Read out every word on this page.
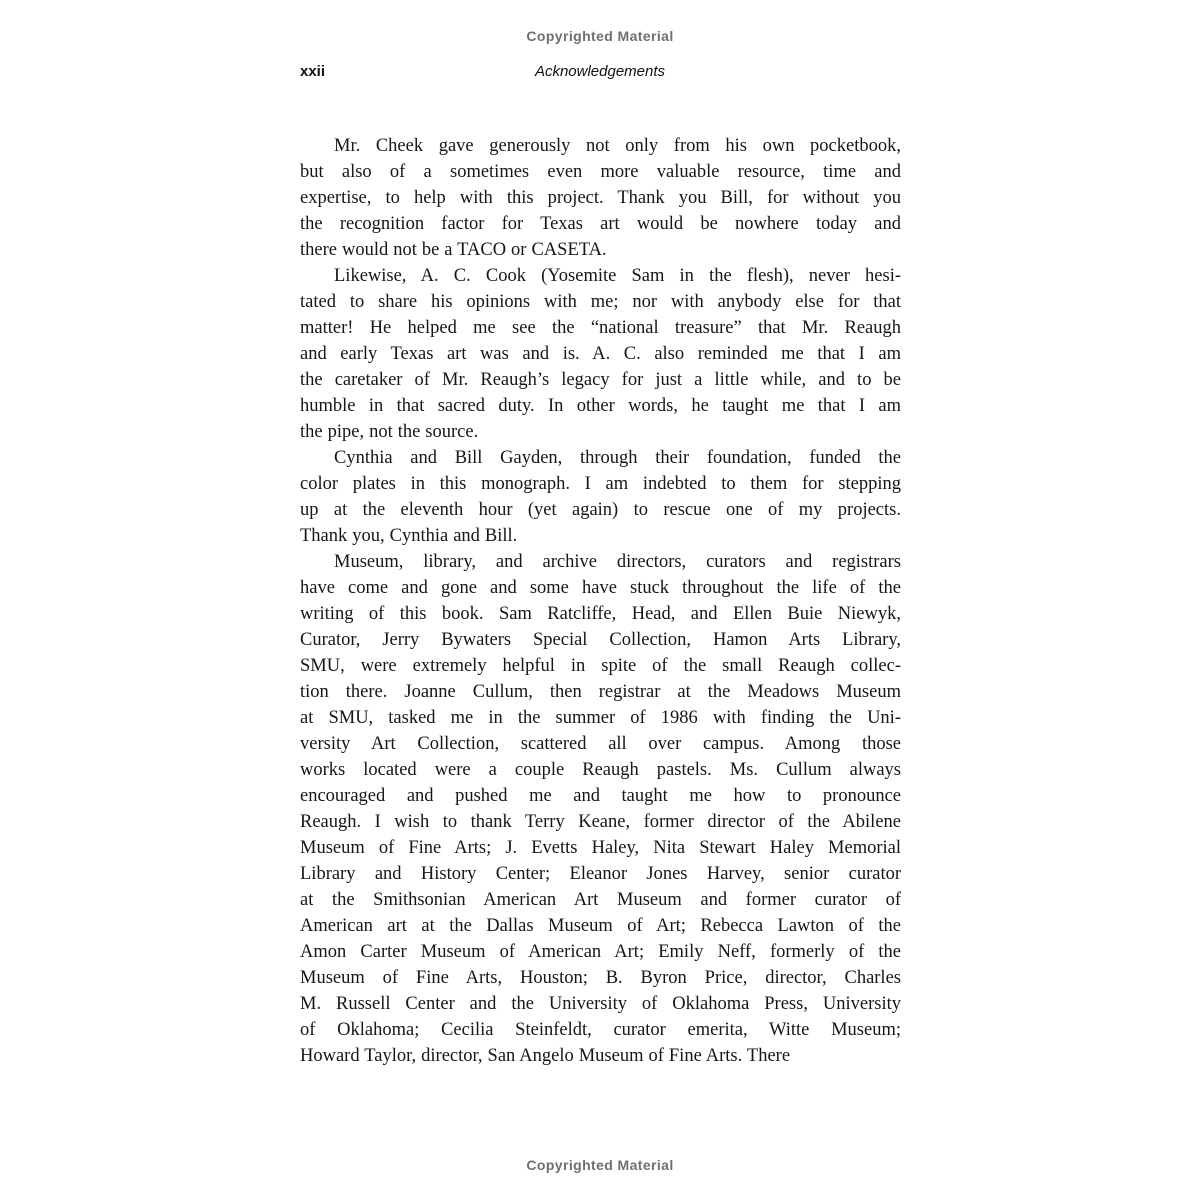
Copyrighted Material
xxii	Acknowledgements
Mr. Cheek gave generously not only from his own pocketbook,
but also of a sometimes even more valuable resource, time and
expertise, to help with this project. Thank you Bill, for without you
the recognition factor for Texas art would be nowhere today and
there would not be a TACO or CASETA.
Likewise, A. C. Cook (Yosemite Sam in the flesh), never hesi-
tated to share his opinions with me; nor with anybody else for that
matter! He helped me see the “national treasure” that Mr. Reaugh
and early Texas art was and is. A. C. also reminded me that I am
the caretaker of Mr. Reaugh’s legacy for just a little while, and to be
humble in that sacred duty. In other words, he taught me that I am
the pipe, not the source.
Cynthia and Bill Gayden, through their foundation, funded the
color plates in this monograph. I am indebted to them for stepping
up at the eleventh hour (yet again) to rescue one of my projects.
Thank you, Cynthia and Bill.
Museum, library, and archive directors, curators and registrars
have come and gone and some have stuck throughout the life of the
writing of this book. Sam Ratcliffe, Head, and Ellen Buie Niewyk,
Curator, Jerry Bywaters Special Collection, Hamon Arts Library,
SMU, were extremely helpful in spite of the small Reaugh collec-
tion there. Joanne Cullum, then registrar at the Meadows Museum
at SMU, tasked me in the summer of 1986 with finding the Uni-
versity Art Collection, scattered all over campus. Among those
works located were a couple Reaugh pastels. Ms. Cullum always
encouraged and pushed me and taught me how to pronounce
Reaugh. I wish to thank Terry Keane, former director of the Abilene
Museum of Fine Arts; J. Evetts Haley, Nita Stewart Haley Memorial
Library and History Center; Eleanor Jones Harvey, senior curator
at the Smithsonian American Art Museum and former curator of
American art at the Dallas Museum of Art; Rebecca Lawton of the
Amon Carter Museum of American Art; Emily Neff, formerly of the
Museum of Fine Arts, Houston; B. Byron Price, director, Charles
M. Russell Center and the University of Oklahoma Press, University
of Oklahoma; Cecilia Steinfeldt, curator emerita, Witte Museum;
Howard Taylor, director, San Angelo Museum of Fine Arts. There
Copyrighted Material
